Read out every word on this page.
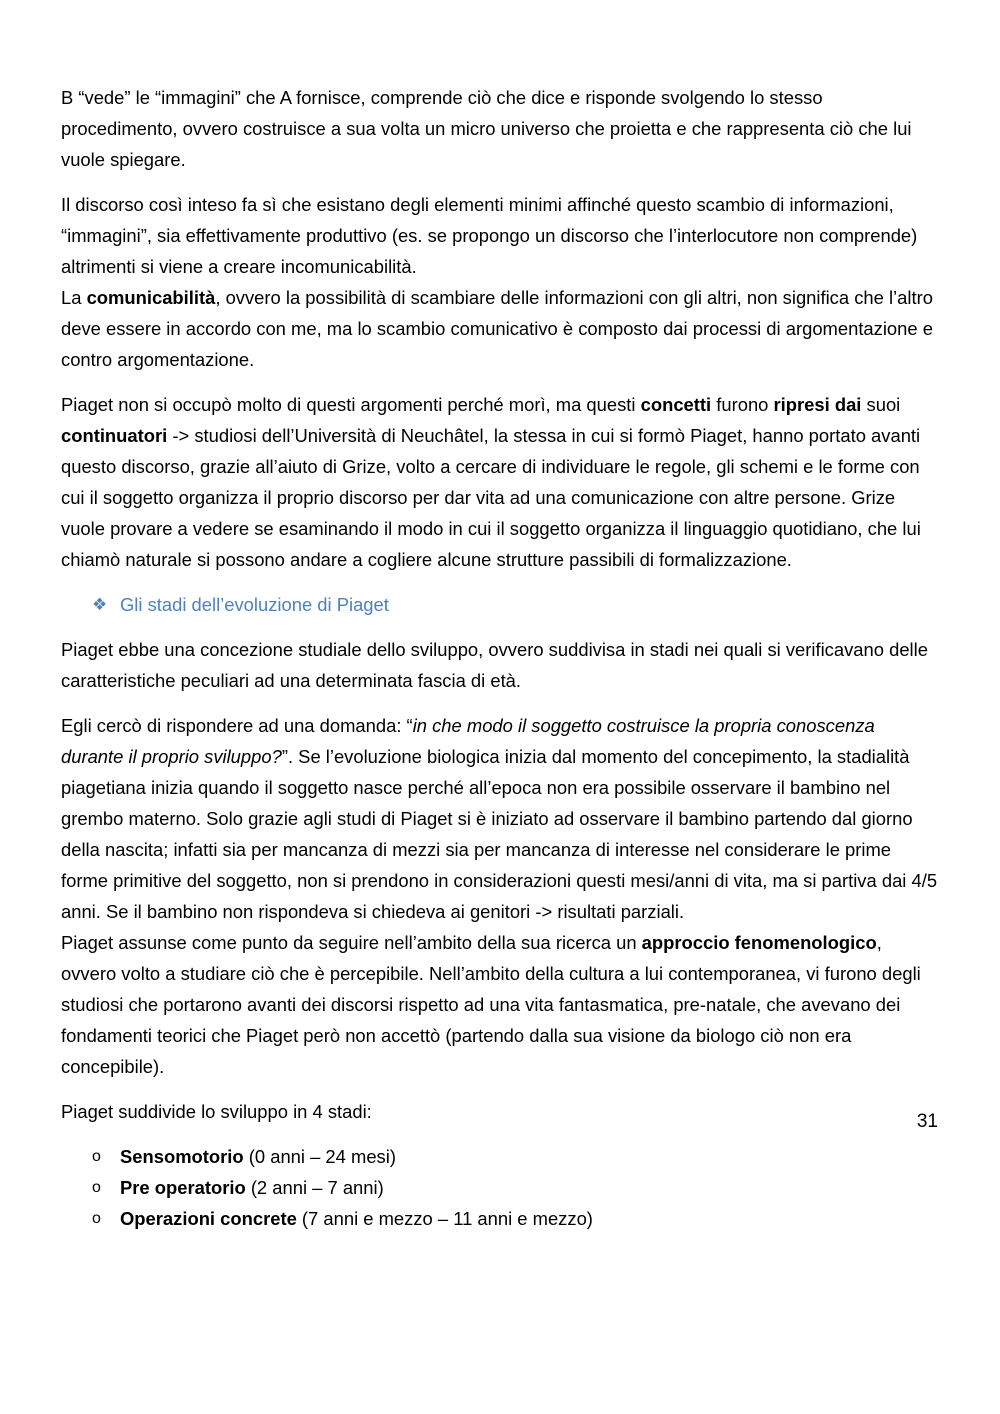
B “vede” le “immagini” che A fornisce, comprende ciò che dice e risponde svolgendo lo stesso procedimento, ovvero costruisce a sua volta un micro universo che proietta e che rappresenta ciò che lui vuole spiegare.

Il discorso così inteso fa sì che esistano degli elementi minimi affinché questo scambio di informazioni, “immagini”, sia effettivamente produttivo (es. se propongo un discorso che l’interlocutore non comprende) altrimenti si viene a creare incomunicabilità.

La comunicabilità, ovvero la possibilità di scambiare delle informazioni con gli altri, non significa che l’altro deve essere in accordo con me, ma lo scambio comunicativo è composto dai processi di argomentazione e contro argomentazione.

Piaget non si occupò molto di questi argomenti perché morì, ma questi concetti furono ripresi dai suoi continuatori -> studiosi dell’Università di Neuchâtel, la stessa in cui si formò Piaget, hanno portato avanti questo discorso, grazie all’aiuto di Grize, volto a cercare di individuare le regole, gli schemi e le forme con cui il soggetto organizza il proprio discorso per dar vita ad una comunicazione con altre persone. Grize vuole provare a vedere se esaminando il modo in cui il soggetto organizza il linguaggio quotidiano, che lui chiamò naturale si possono andare a cogliere alcune strutture passibili di formalizzazione.

❖ Gli stadi dell’evoluzione di Piaget

Piaget ebbe una concezione studiale dello sviluppo, ovvero suddivisa in stadi nei quali si verificavano delle caratteristiche peculiari ad una determinata fascia di età.

Egli cercò di rispondere ad una domanda: “in che modo il soggetto costruisce la propria conoscenza durante il proprio sviluppo?”. Se l’evoluzione biologica inizia dal momento del concepimento, la stadialità piagetiana inizia quando il soggetto nasce perché all’epoca non era possibile osservare il bambino nel grembo materno. Solo grazie agli studi di Piaget si è iniziato ad osservare il bambino partendo dal giorno della nascita; infatti sia per mancanza di mezzi sia per mancanza di interesse nel considerare le prime forme primitive del soggetto, non si prendono in considerazioni questi mesi/anni di vita, ma si partiva dai 4/5 anni. Se il bambino non rispondeva si chiedeva ai genitori -> risultati parziali.

Piaget assunse come punto da seguire nell’ambito della sua ricerca un approccio fenomenologico, ovvero volto a studiare ciò che è percepibile. Nell’ambito della cultura a lui contemporanea, vi furono degli studiosi che portarono avanti dei discorsi rispetto ad una vita fantasmatica, pre-natale, che avevano dei fondamenti teorici che Piaget però non accettò (partendo dalla sua visione da biologo ciò non era concepibile).

Piaget suddivide lo sviluppo in 4 stadi:

o	Sensomotorio (0 anni – 24 mesi)
o	Pre operatorio (2 anni – 7 anni)
o	Operazioni concrete (7 anni e mezzo – 11 anni e mezzo)
31
